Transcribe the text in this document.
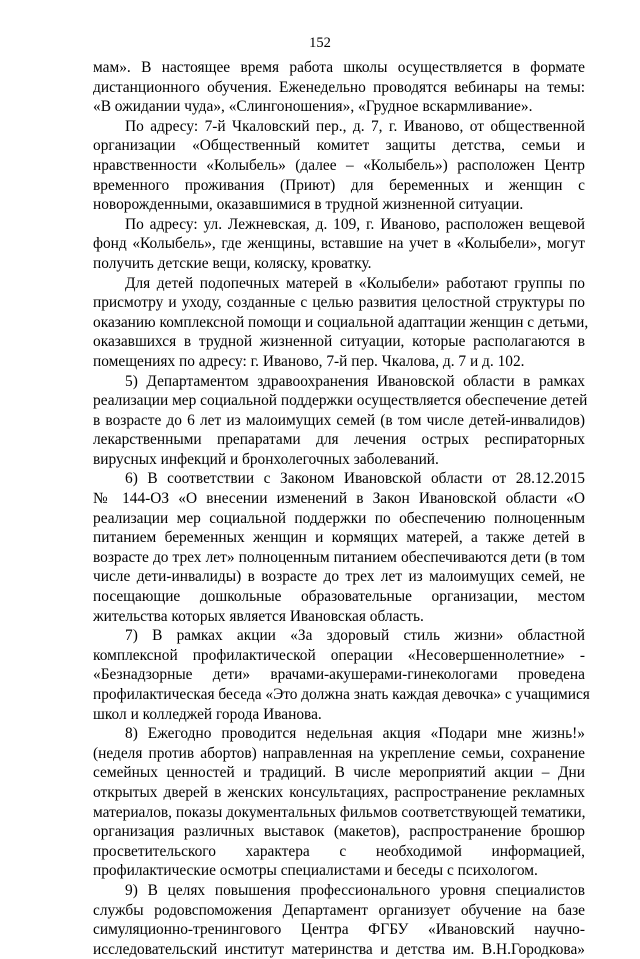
152
мам». В настоящее время работа школы осуществляется в формате
дистанционного обучения. Еженедельно проводятся вебинары на темы:
«В ожидании чуда», «Слингоношения», «Грудное вскармливание».
По адресу: 7-й Чкаловский пер., д. 7, г. Иваново, от общественной
организации «Общественный комитет защиты детства, семьи и
нравственности «Колыбель» (далее – «Колыбель») расположен Центр
временного проживания (Приют) для беременных и женщин с
новорожденными, оказавшимися в трудной жизненной ситуации.
По адресу: ул. Лежневская, д. 109, г. Иваново, расположен вещевой
фонд «Колыбель», где женщины, вставшие на учет в «Колыбели», могут
получить детские вещи, коляску, кроватку.
Для детей подопечных матерей в «Колыбели» работают группы по
присмотру и уходу, созданные с целью развития целостной структуры по
оказанию комплексной помощи и социальной адаптации женщин с детьми,
оказавшихся в трудной жизненной ситуации, которые располагаются в
помещениях по адресу: г. Иваново, 7-й пер. Чкалова, д. 7 и д. 102.
5) Департаментом здравоохранения Ивановской области в рамках
реализации мер социальной поддержки осуществляется обеспечение детей
в возрасте до 6 лет из малоимущих семей (в том числе детей-инвалидов)
лекарственными препаратами для лечения острых респираторных
вирусных инфекций и бронхолегочных заболеваний.
6) В соответствии с Законом Ивановской области от 28.12.2015
№ 144-ОЗ «О внесении изменений в Закон Ивановской области «О
реализации мер социальной поддержки по обеспечению полноценным
питанием беременных женщин и кормящих матерей, а также детей в
возрасте до трех лет» полноценным питанием обеспечиваются дети (в том
числе дети-инвалиды) в возрасте до трех лет из малоимущих семей, не
посещающие дошкольные образовательные организации, местом
жительства которых является Ивановская область.
7) В рамках акции «За здоровый стиль жизни» областной
комплексной профилактической операции «Несовершеннолетние» -
«Безнадзорные дети» врачами-акушерами-гинекологами проведена
профилактическая беседа «Это должна знать каждая девочка» с учащимися
школ и колледжей города Иванова.
8) Ежегодно проводится недельная акция «Подари мне жизнь!»
(неделя против абортов) направленная на укрепление семьи, сохранение
семейных ценностей и традиций. В числе мероприятий акции – Дни
открытых дверей в женских консультациях, распространение рекламных
материалов, показы документальных фильмов соответствующей тематики,
организация различных выставок (макетов), распространение брошюр
просветительского характера с необходимой информацией,
профилактические осмотры специалистами и беседы с психологом.
9) В целях повышения профессионального уровня специалистов
службы родовспоможения Департамент организует обучение на базе
симуляционно-тренингового Центра ФГБУ «Ивановский научно-
исследовательский институт материнства и детства им. В.Н.Городкова»
